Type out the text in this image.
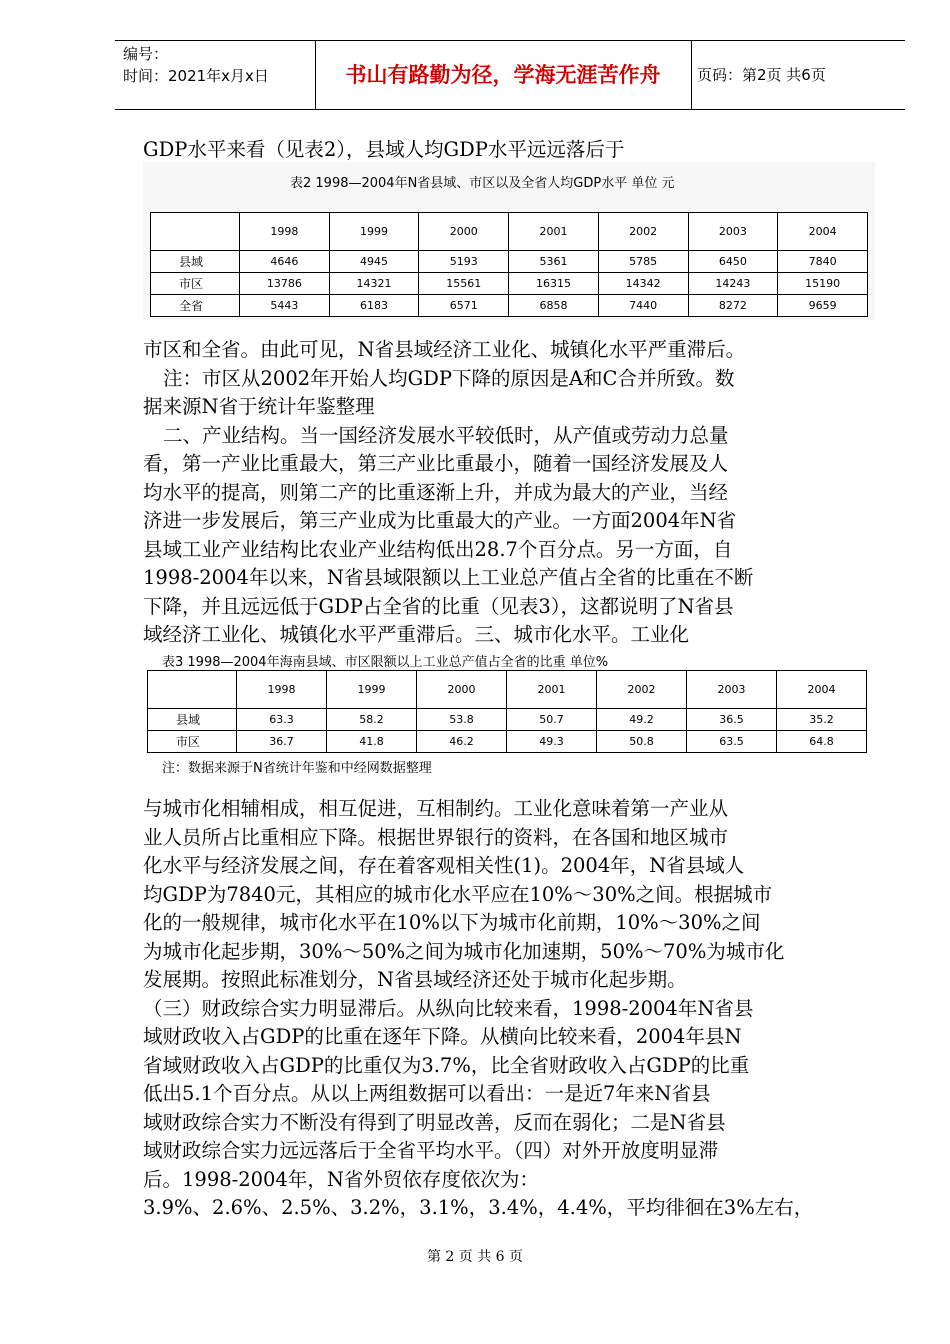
编号：
时间：2021年x月x日	书山有路勤为径，学海无涯苦作舟	页码：第2页 共6页
GDP水平来看（见表2），县域人均GDP水平远远落后于
表2 1998—2004年N省县域、市区以及全省人均GDP水平 单位 元
	1998	1999	2000	2001	2002	2003	2004
县域	4646	4945	5193	5361	5785	6450	7840
市区	13786	14321	15561	16315	14342	14243	15190
全省	5443	6183	6571	6858	7440	8272	9659
市区和全省。由此可见，N省县域经济工业化、城镇化水平严重滞后。
注：市区从2002年开始人均GDP下降的原因是A和C合并所致。数
据来源N省于统计年鉴整理
二、产业结构。当一国经济发展水平较低时，从产值或劳动力总量
看，第一产业比重最大，第三产业比重最小，随着一国经济发展及人
均水平的提高，则第二产的比重逐渐上升，并成为最大的产业，当经
济进一步发展后，第三产业成为比重最大的产业。一方面2004年N省
县域工业产业结构比农业产业结构低出28.7个百分点。另一方面，自
1998-2004年以来，N省县域限额以上工业总产值占全省的比重在不断
下降，并且远远低于GDP占全省的比重（见表3），这都说明了N省县
域经济工业化、城镇化水平严重滞后。三、城市化水平。工业化
表3 1998—2004年海南县域、市区限额以上工业总产值占全省的比重 单位%
	1998	1999	2000	2001	2002	2003	2004
县域	63.3	58.2	53.8	50.7	49.2	36.5	35.2
市区	36.7	41.8	46.2	49.3	50.8	63.5	64.8
注：数据来源于N省统计年鉴和中经网数据整理
与城市化相辅相成，相互促进，互相制约。工业化意味着第一产业从
业人员所占比重相应下降。根据世界银行的资料，在各国和地区城市
化水平与经济发展之间，存在着客观相关性(1)。2004年，N省县域人
均GDP为7840元，其相应的城市化水平应在10%～30%之间。根据城市
化的一般规律，城市化水平在10%以下为城市化前期，10%～30%之间
为城市化起步期，30%～50%之间为城市化加速期，50%～70%为城市化
发展期。按照此标准划分，N省县域经济还处于城市化起步期。
（三）财政综合实力明显滞后。从纵向比较来看，1998-2004年N省县
域财政收入占GDP的比重在逐年下降。从横向比较来看，2004年县N
省域财政收入占GDP的比重仅为3.7%，比全省财政收入占GDP的比重
低出5.1个百分点。从以上两组数据可以看出：一是近7年来N省县
域财政综合实力不断没有得到了明显改善，反而在弱化；二是N省县
域财政综合实力远远落后于全省平均水平。（四）对外开放度明显滞
后。1998-2004年，N省外贸依存度依次为：
3.9%、2.6%、2.5%、3.2%，3.1%，3.4%，4.4%，平均徘徊在3%左右，
第 2 页 共 6 页
